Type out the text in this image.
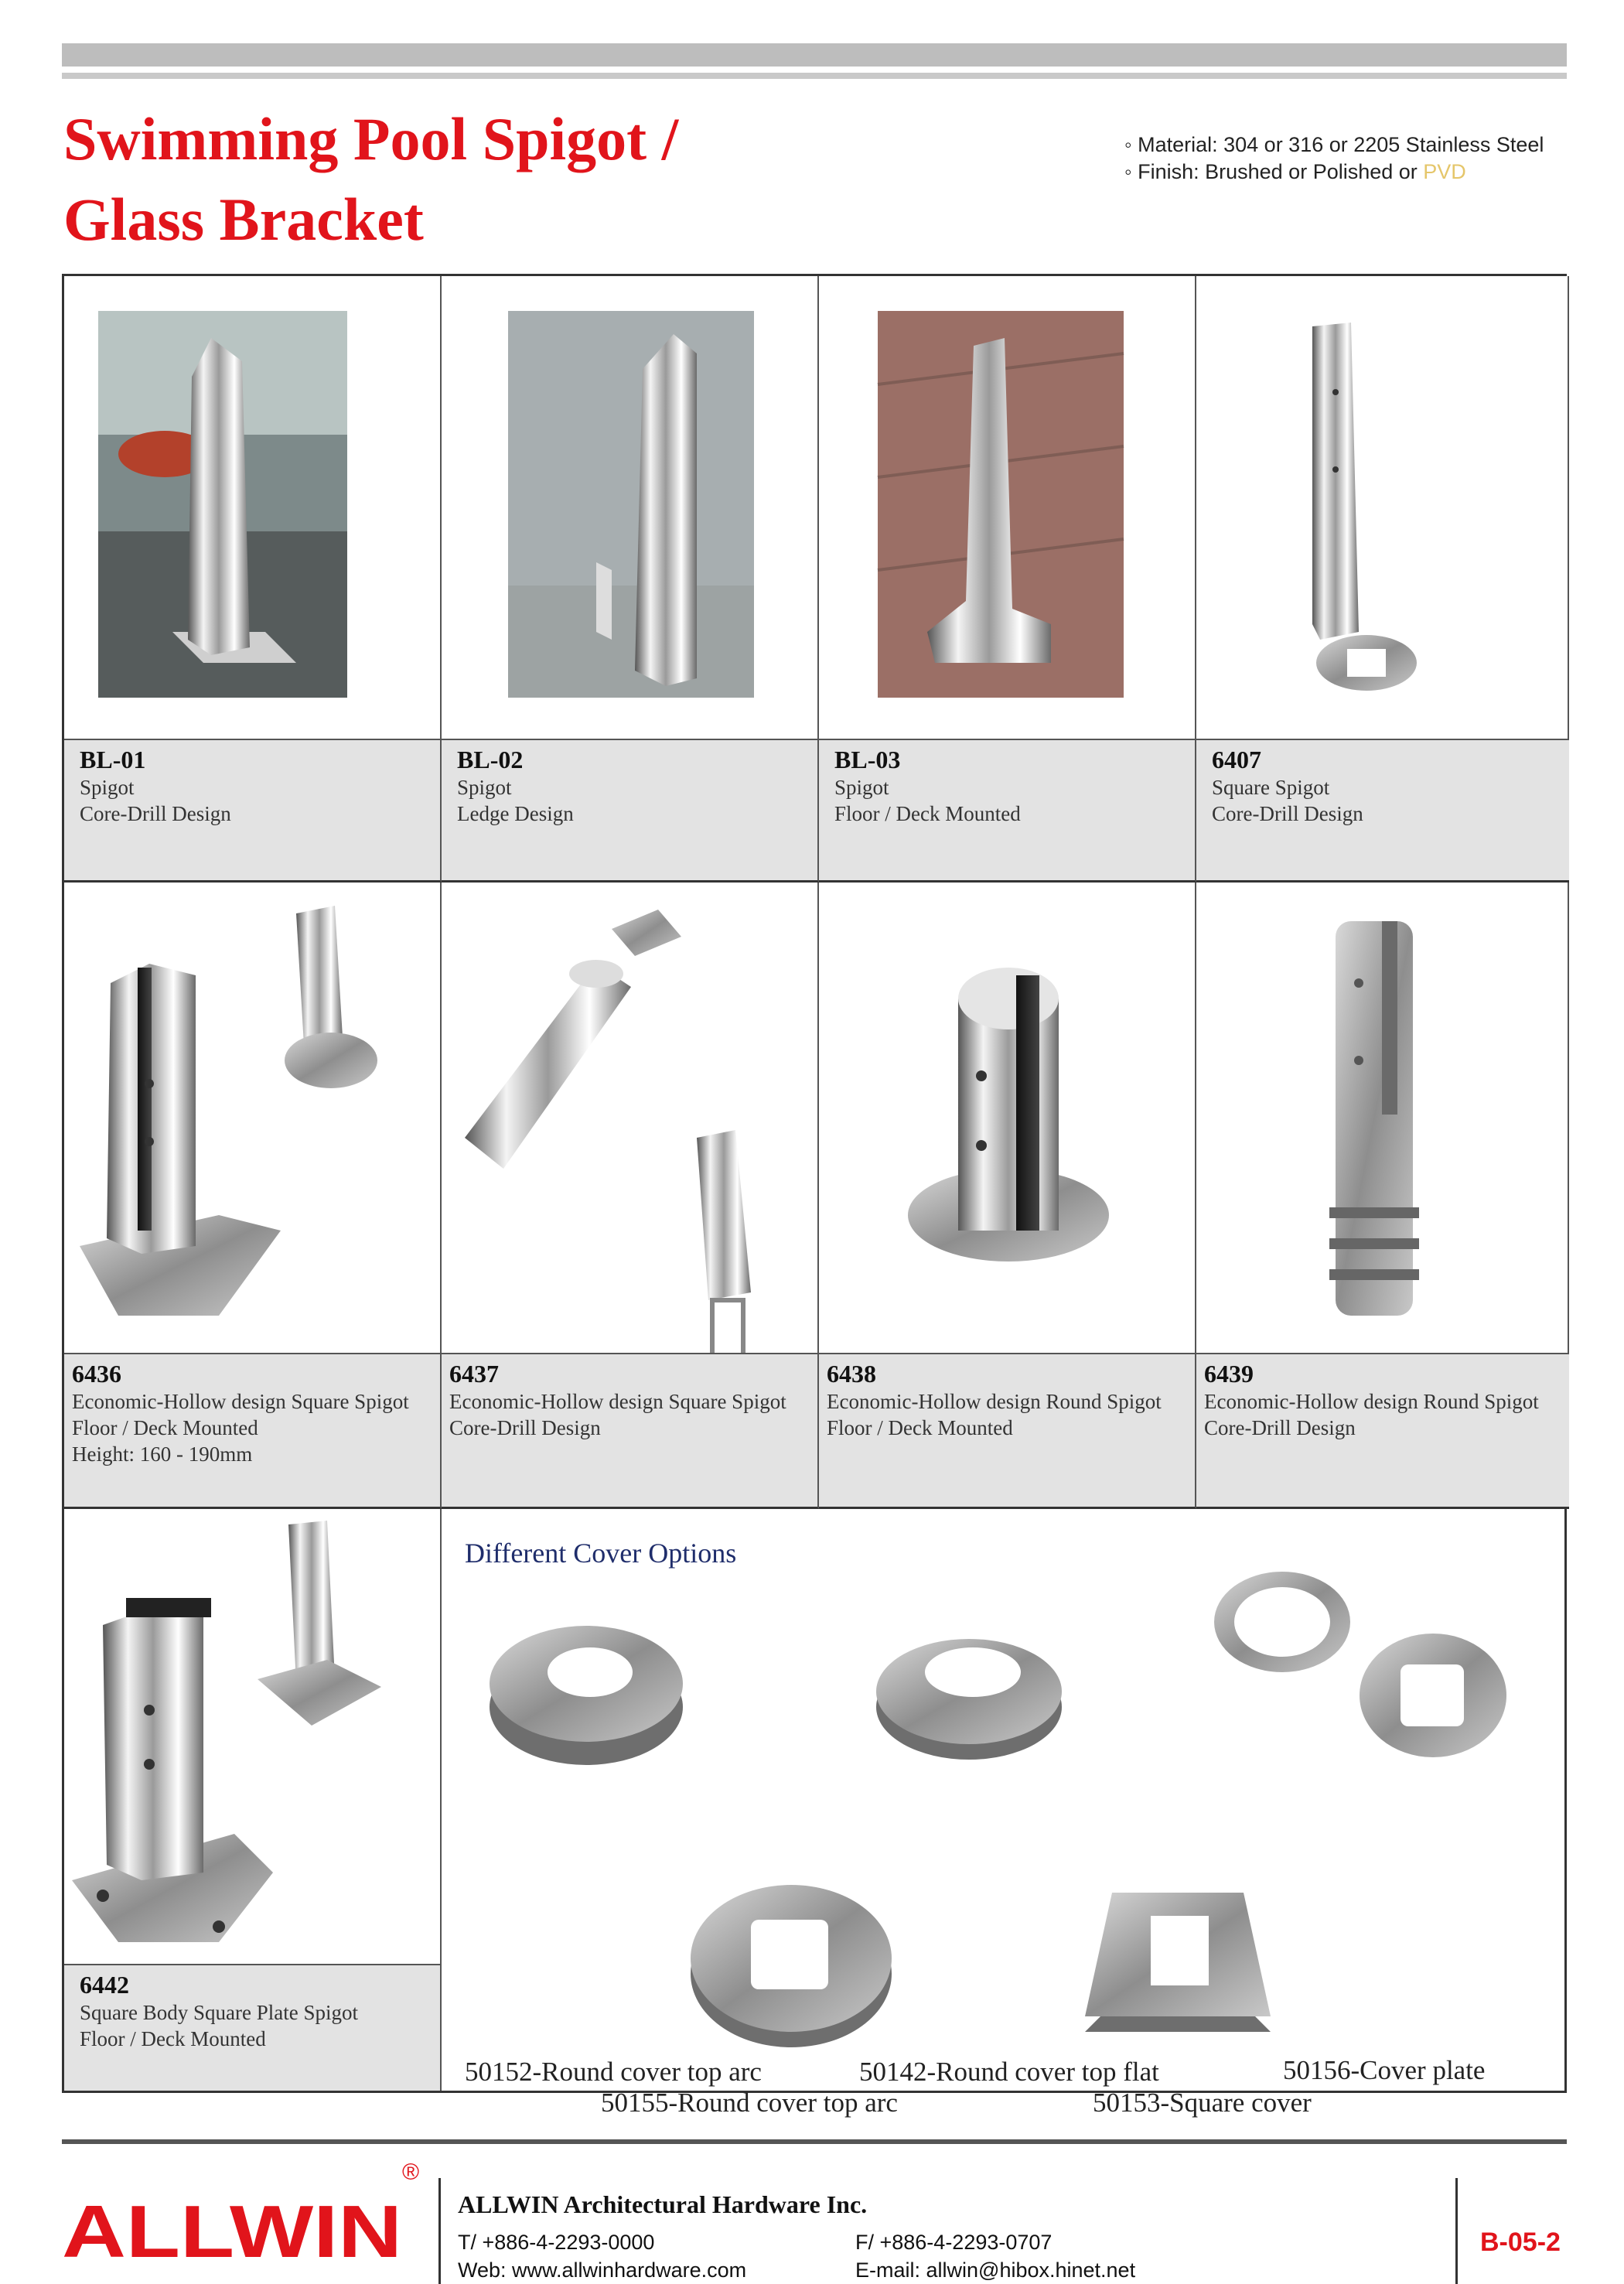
Swimming Pool Spigot /
Glass Bracket
◦ Material: 304 or 316 or 2205 Stainless Steel
◦ Finish: Brushed or Polished or PVD
BL-01
Spigot
Core-Drill Design
BL-02
Spigot
Ledge Design
BL-03
Spigot
Floor / Deck Mounted
6407
Square Spigot
Core-Drill Design
6436
Economic-Hollow design Square Spigot
Floor / Deck Mounted
Height: 160 - 190mm
6437
Economic-Hollow design Square Spigot
Core-Drill Design
6438
Economic-Hollow design Round Spigot
Floor / Deck Mounted
6439
Economic-Hollow design Round Spigot
Core-Drill Design
6442
Square Body Square Plate Spigot
Floor / Deck Mounted
Different Cover Options
50152-Round cover top arc	50142-Round cover top flat	50156-Cover plate
50155-Round cover top arc	50153-Square cover
ALLWIN
®
ALLWIN Architectural Hardware Inc.
T/ +886-4-2293-0000	F/ +886-4-2293-0707
Web: www.allwinhardware.com	E-mail: allwin@hibox.hinet.net
B-05-2
